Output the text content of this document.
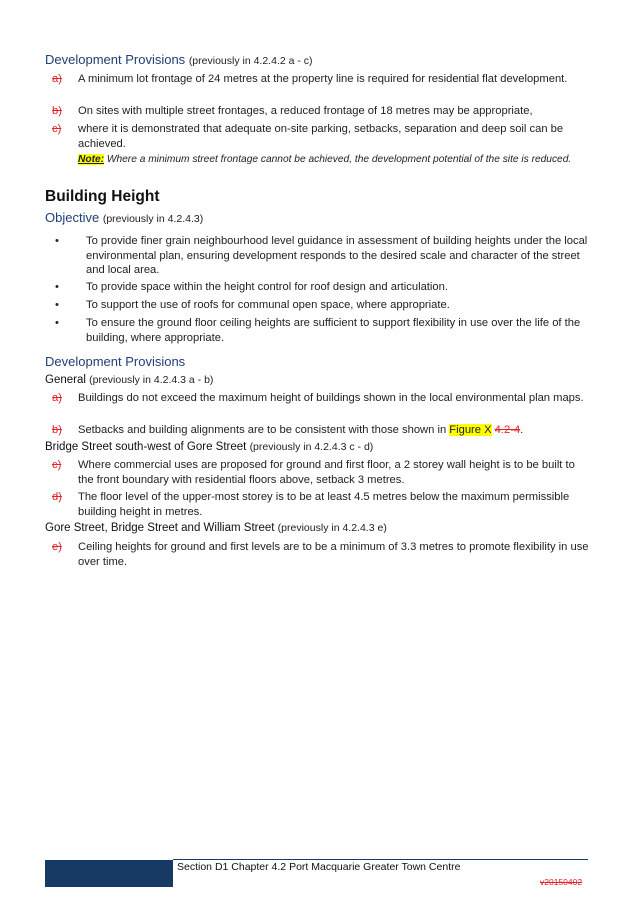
Development Provisions (previously in 4.2.4.2 a - c)
a) A minimum lot frontage of 24 metres at the property line is required for residential flat development.
b) On sites with multiple street frontages, a reduced frontage of 18 metres may be appropriate,
c) where it is demonstrated that adequate on-site parking, setbacks, separation and deep soil can be achieved.
Note: Where a minimum street frontage cannot be achieved, the development potential of the site is reduced.
Building Height
Objective (previously in 4.2.4.3)
• To provide finer grain neighbourhood level guidance in assessment of building heights under the local environmental plan, ensuring development responds to the desired scale and character of the street and local area.
• To provide space within the height control for roof design and articulation.
• To support the use of roofs for communal open space, where appropriate.
• To ensure the ground floor ceiling heights are sufficient to support flexibility in use over the life of the building, where appropriate.
Development Provisions
General (previously in 4.2.4.3 a - b)
a) Buildings do not exceed the maximum height of buildings shown in the local environmental plan maps.
b) Setbacks and building alignments are to be consistent with those shown in Figure X 4.2-4.
Bridge Street south-west of Gore Street (previously in 4.2.4.3 c - d)
c) Where commercial uses are proposed for ground and first floor, a 2 storey wall height is to be built to the front boundary with residential floors above, setback 3 metres.
d) The floor level of the upper-most storey is to be at least 4.5 metres below the maximum permissible building height in metres.
Gore Street, Bridge Street and William Street (previously in 4.2.4.3 e)
e) Ceiling heights for ground and first levels are to be a minimum of 3.3 metres to promote flexibility in use over time.
Section D1 Chapter 4.2 Port Macquarie Greater Town Centre
v20150402
